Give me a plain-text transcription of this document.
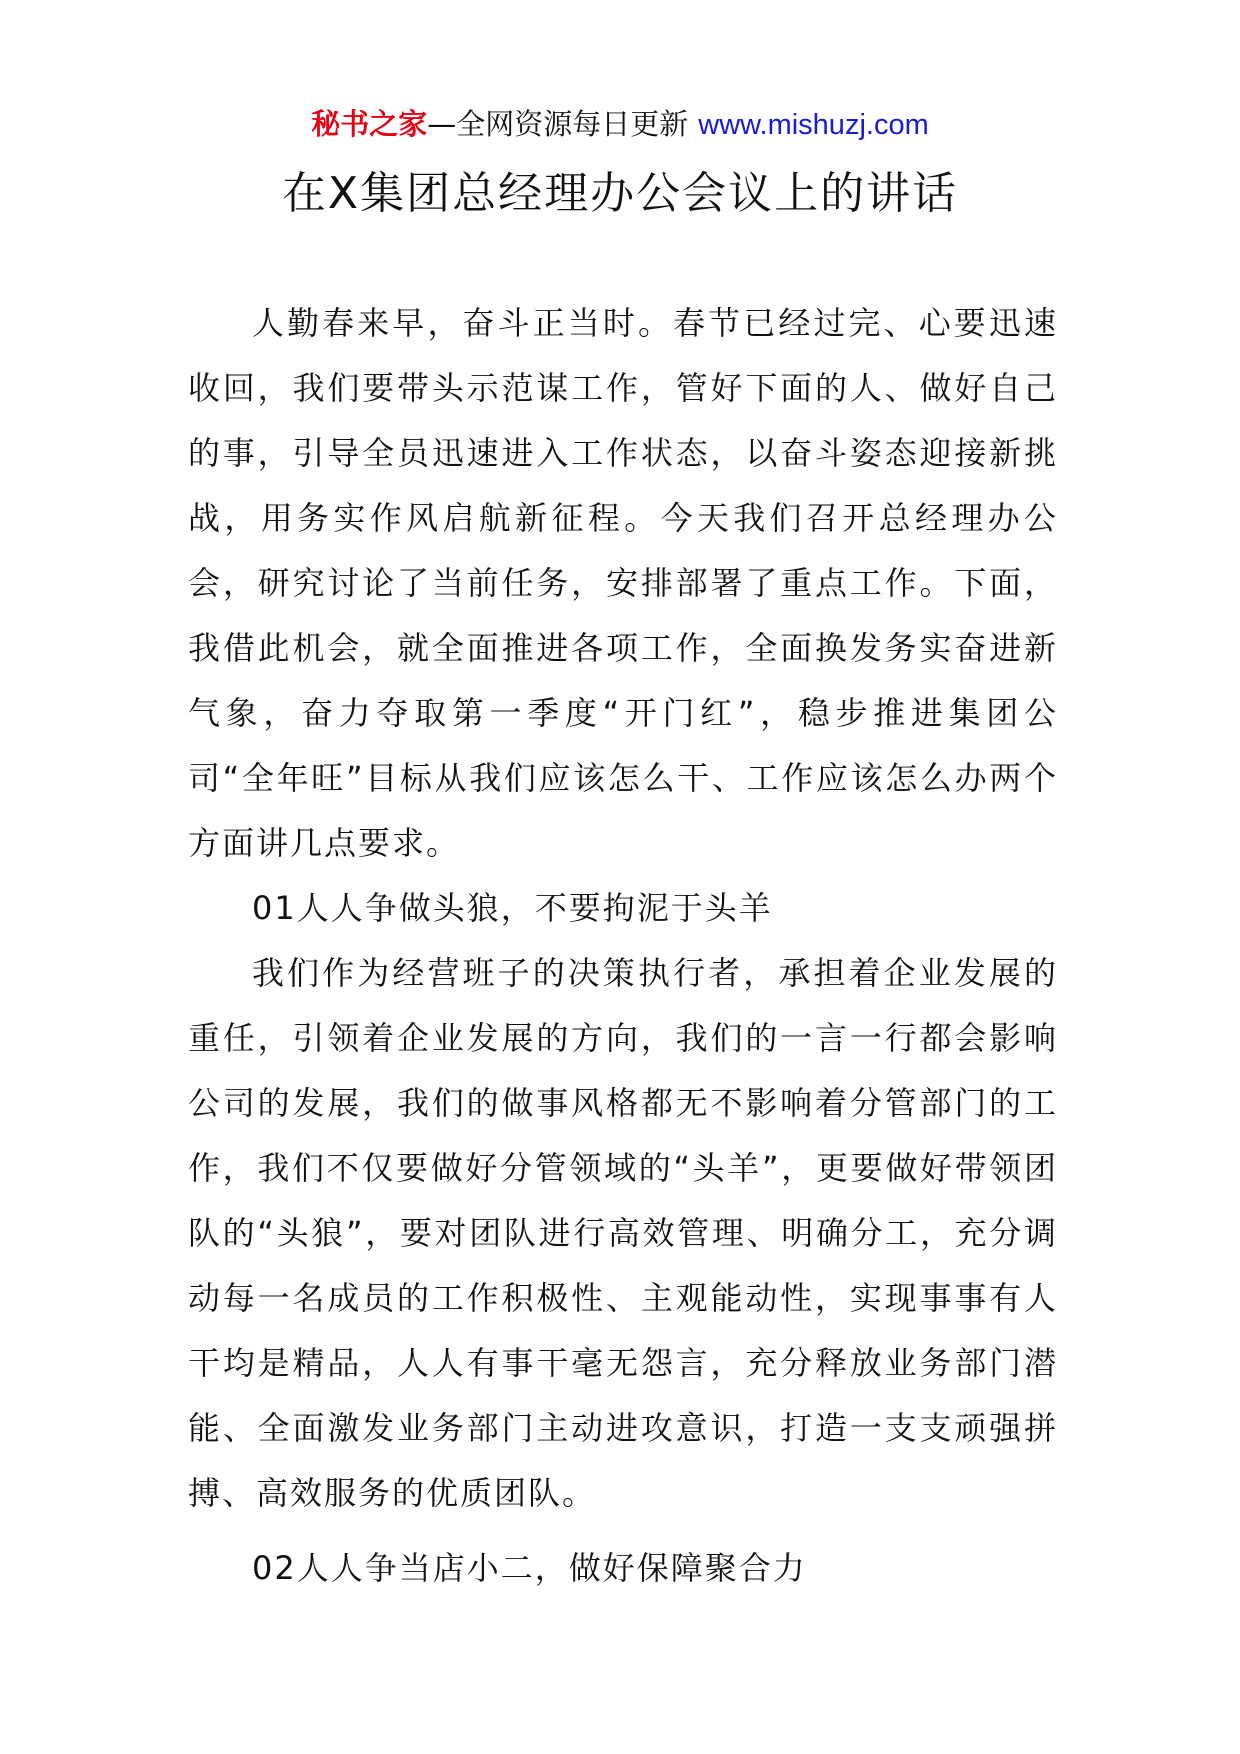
秘书之家—全网资源每日更新 www.mishuzj.com
在X集团总经理办公会议上的讲话

人勤春来早，奋斗正当时。春节已经过完、心要迅速收回，我们要带头示范谋工作，管好下面的人、做好自己的事，引导全员迅速进入工作状态，以奋斗姿态迎接新挑战，用务实作风启航新征程。今天我们召开总经理办公会，研究讨论了当前任务，安排部署了重点工作。下面，我借此机会，就全面推进各项工作，全面换发务实奋进新气象，奋力夺取第一季度“开门红”，稳步推进集团公司“全年旺”目标从我们应该怎么干、工作应该怎么办两个方面讲几点要求。

01人人争做头狼，不要拘泥于头羊

我们作为经营班子的决策执行者，承担着企业发展的重任，引领着企业发展的方向，我们的一言一行都会影响公司的发展，我们的做事风格都无不影响着分管部门的工作，我们不仅要做好分管领域的“头羊”，更要做好带领团队的“头狼”，要对团队进行高效管理、明确分工，充分调动每一名成员的工作积极性、主观能动性，实现事事有人干均是精品，人人有事干毫无怨言，充分释放业务部门潜能、全面激发业务部门主动进攻意识，打造一支支顽强拼搏、高效服务的优质团队。

02人人争当店小二，做好保障聚合力
